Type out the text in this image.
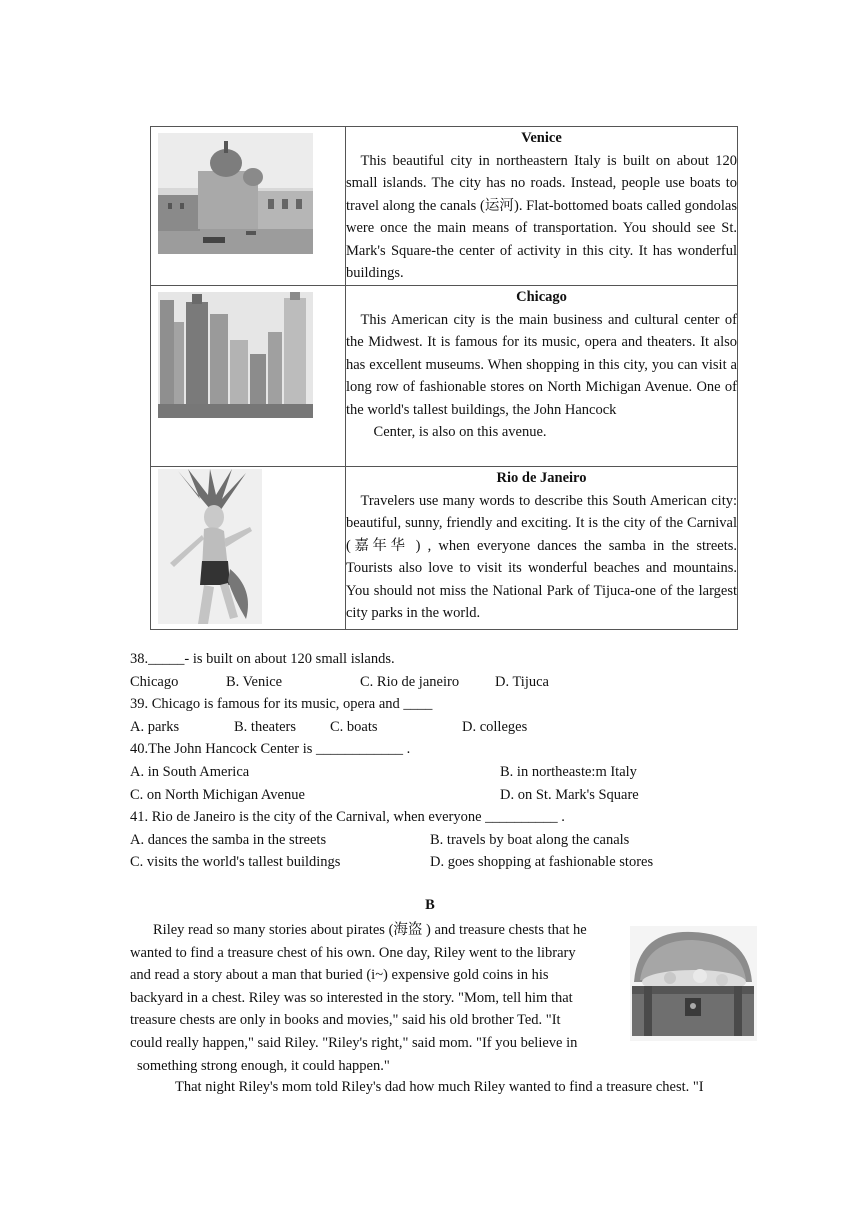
Venice
This beautiful city in northeastern Italy is built on about 120 small islands. The city has no roads. Instead, people use boats to travel along the canals (运河). Flat-bottomed boats called gondolas were once the main means of transportation. You should see St. Mark's Square-the center of activity in this city. It has wonderful buildings.

Chicago
This American city is the main business and cultural center of the Midwest. It is famous for its music, opera and theaters. It also has excellent museums. When shopping in this city, you can visit a long row of fashionable stores on North Michigan Avenue. One of the world's tallest buildings, the John Hancock
Center, is also on this avenue.

Rio de Janeiro
Travelers use many words to describe this South American city: beautiful, sunny, friendly and exciting. It is the city of the Carnival (嘉年华 ) , when everyone dances the samba in the streets. Tourists also love to visit its wonderful beaches and mountains. You should not miss the National Park of Tijuca-one of the largest city parks in the world.
38._____- is built on about 120 small islands.
Chicago	B. Venice	C. Rio de janeiro D. Tijuca
39. Chicago is famous for its music, opera and ____
A. parks	B. theaters C. boats	D. colleges
40.The John Hancock Center is ____________ .
A. in South America	B. in northeaste:m Italy
C. on North Michigan Avenue	D. on St. Mark's Square
41. Rio de Janeiro is the city of the Carnival, when everyone __________ .
A. dances the samba in the streets	B. travels by boat along the canals
C. visits the world's tallest buildings	D. goes shopping at fashionable stores
B
Riley read so many stories about pirates (海盗 ) and treasure chests that he
wanted to find a treasure chest of his own. One day, Riley went to the library
and read a story about a man that buried (i~) expensive gold coins in his
backyard in a chest. Riley was so interested in the story. "Mom, tell him that
treasure chests are only in books and movies," said his old brother Ted. "It
could really happen," said Riley. "Riley's right," said mom. "If you believe in
something strong enough, it could happen."
That night Riley's mom told Riley's dad how much Riley wanted to find a treasure chest. "I
